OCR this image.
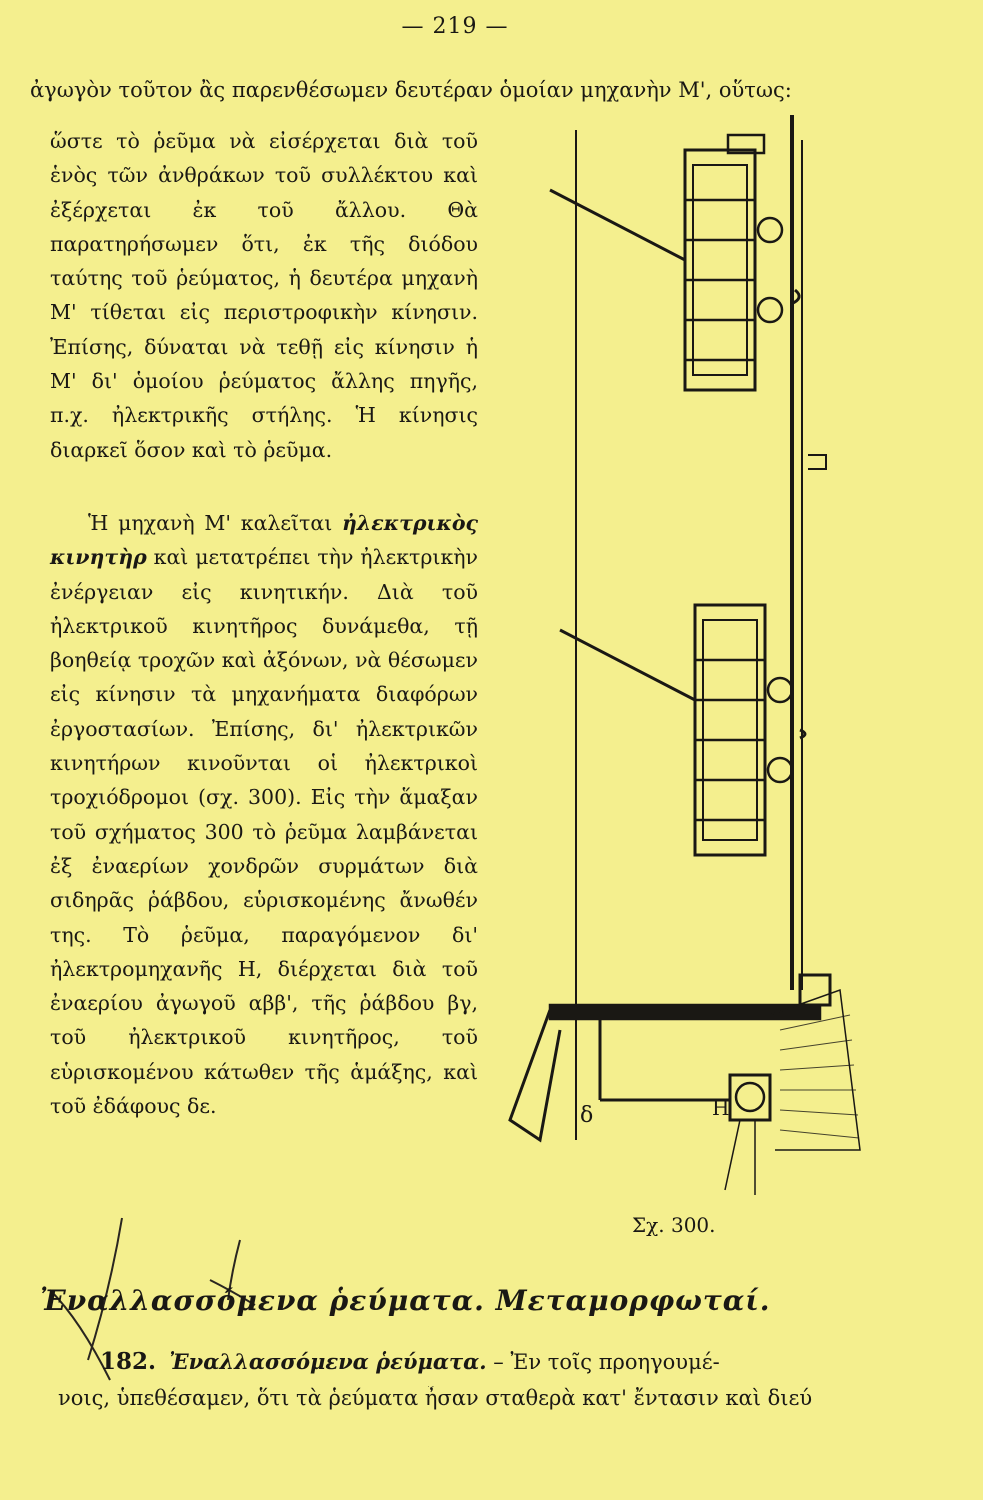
— 219 —
ἀγωγὸν τοῦτον ἂς παρενθέσωμεν δευτέραν ὁμοίαν μηχανὴν Μ', οὕτως:

ὥστε τὸ ῥεῦμα νὰ εἰσέρχεται διὰ τοῦ ἑνὸς τῶν ἀνθράκων τοῦ συλλέκτου καὶ ἐξέρχεται ἐκ τοῦ ἄλλου. Θὰ παρατηρήσωμεν ὅτι, ἐκ τῆς διόδου ταύτης τοῦ ῥεύματος, ἡ δευτέρα μηχανὴ Μ' τίθεται εἰς περιστροφικὴν κίνησιν. Ἐπίσης, δύναται νὰ τεθῇ εἰς κίνησιν ἡ Μ' δι' ὁμοίου ῥεύματος ἄλλης πηγῆς, π.χ. ἠλεκτρικῆς στήλης. Ἡ κίνησις διαρκεῖ ὅσον καὶ τὸ ῥεῦμα.

Ἡ μηχανὴ Μ' καλεῖται ἠλεκτρικὸς κινητὴρ καὶ μετατρέπει τὴν ἠλεκτρικὴν ἐνέργειαν εἰς κινητικήν. Διὰ τοῦ ἠλεκτρικοῦ κινητῆρος δυνάμεθα, τῇ βοηθείᾳ τροχῶν καὶ ἀξόνων, νὰ θέσωμεν εἰς κίνησιν τὰ μηχανήματα διαφόρων ἐργοστασίων. Ἐπίσης, δι' ἠλεκτρικῶν κινητήρων κινοῦνται οἱ ἠλεκτρικοὶ τροχιόδρομοι (σχ. 300). Εἰς τὴν ἅμαξαν τοῦ σχήματος 300 τὸ ῥεῦμα λαμβάνεται ἐξ ἐναερίων χονδρῶν συρμάτων διὰ σιδηρᾶς ῥάβδου, εὑρισκομένης ἄνωθέν της. Τὸ ῥεῦμα, παραγόμενον δι' ἠλεκτρομηχανῆς Η, διέρχεται διὰ τοῦ ἐναερίου ἀγωγοῦ αββ', τῆς ῥάβδου βγ, τοῦ ἠλεκτρικοῦ κινητῆρος, τοῦ εὑρισκομένου κάτωθεν τῆς ἁμάξης, καὶ τοῦ ἐδάφους δε.	Η
δ
Σχ. 300.
Ἐναλλασσόμενα ῥεύματα. Μεταμορφωταί.
182. Ἐναλλασσόμενα ῥεύματα. – Ἐν τοῖς προηγουμέ-
νοις, ὑπεθέσαμεν, ὅτι τὰ ῥεύματα ἦσαν σταθερὰ κατ' ἔντασιν καὶ διεύ
